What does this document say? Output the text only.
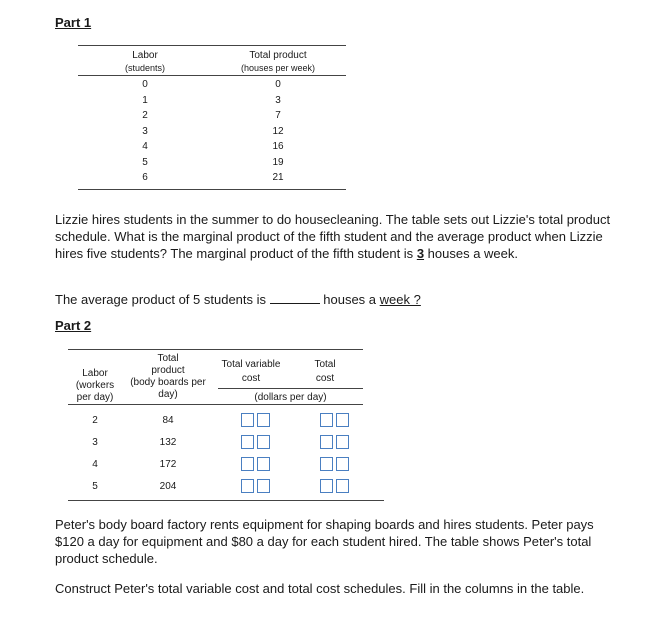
Part 1
Labor
(students)
Total product
(houses per week)
0	0
1	3
2	7
3	12
4	16
5	19
6	21
Lizzie hires students in the summer to do housecleaning. The table sets out Lizzie's total product schedule. What is the marginal product of the fifth student and the average product when Lizzie hires five students? The marginal product of the fifth student is 3 houses a week.
The average product of 5 students is	houses a week ?
Part 2
Total
product
(body boards per
day)
Labor
(workers
per day)
Total variable
cost
Total
cost
(dollars per day)
2	84
3	132
4	172
5	204
Peter's body board factory rents equipment for shaping boards and hires students. Peter pays $120 a day for equipment and $80 a day for each student hired. The table shows Peter's total product schedule.
Construct Peter's total variable cost and total cost schedules. Fill in the columns in the table.
